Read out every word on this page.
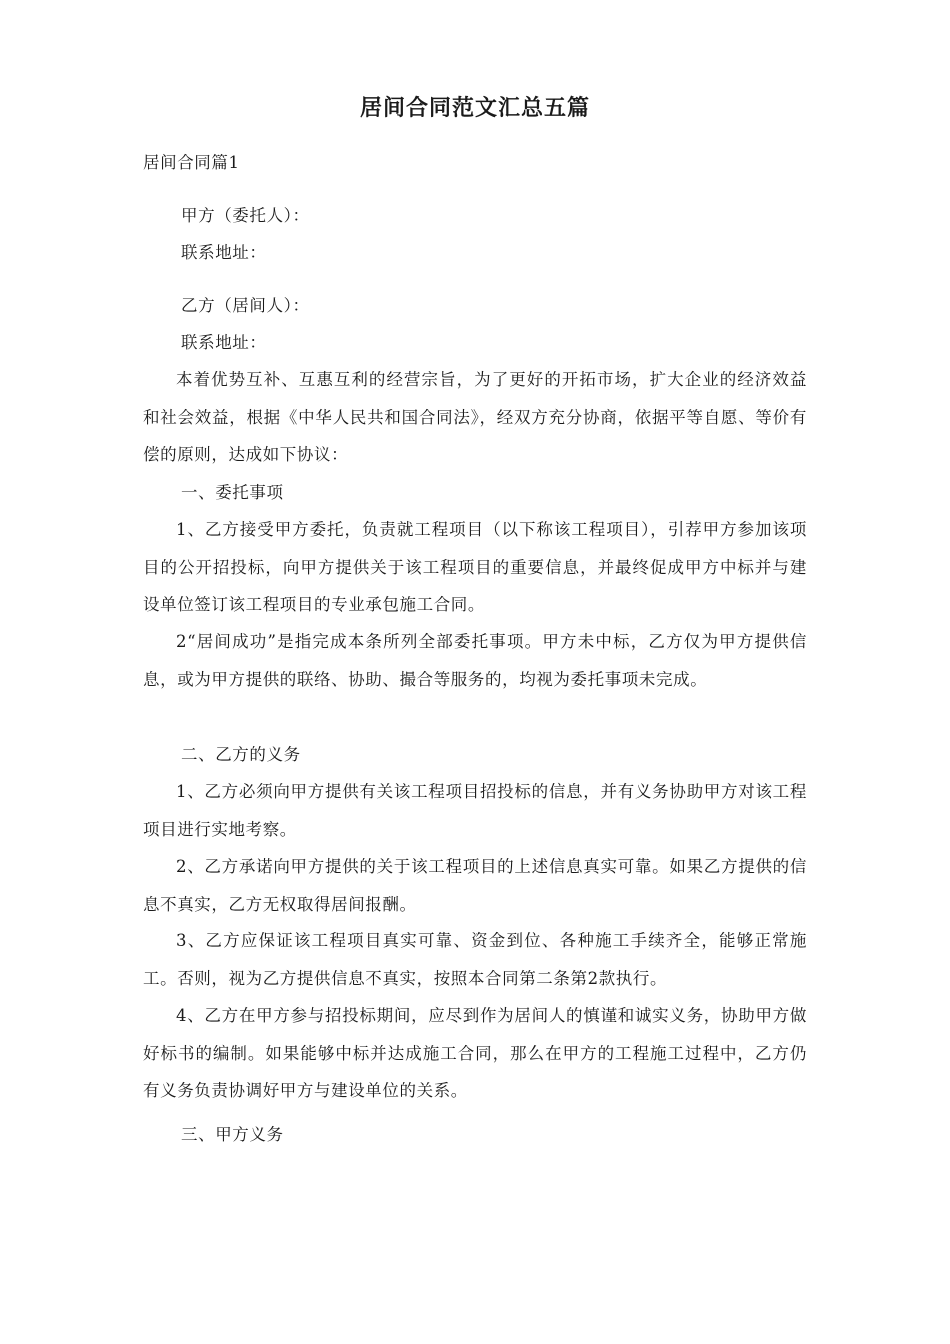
居间合同范文汇总五篇
居间合同篇1
甲方（委托人）：
联系地址：
乙方（居间人）：
联系地址：
本着优势互补、互惠互利的经营宗旨，为了更好的开拓市场，扩大企业的经济效益和社会效益，根据《中华人民共和国合同法》，经双方充分协商，依据平等自愿、等价有偿的原则，达成如下协议：
一、委托事项
1、乙方接受甲方委托，负责就工程项目（以下称该工程项目），引荐甲方参加该项目的公开招投标，向甲方提供关于该工程项目的重要信息，并最终促成甲方中标并与建设单位签订该工程项目的专业承包施工合同。
2“居间成功”是指完成本条所列全部委托事项。甲方未中标，乙方仅为甲方提供信息，或为甲方提供的联络、协助、撮合等服务的，均视为委托事项未完成。
二、乙方的义务
1、乙方必须向甲方提供有关该工程项目招投标的信息，并有义务协助甲方对该工程项目进行实地考察。
2、乙方承诺向甲方提供的关于该工程项目的上述信息真实可靠。如果乙方提供的信息不真实，乙方无权取得居间报酬。
3、乙方应保证该工程项目真实可靠、资金到位、各种施工手续齐全，能够正常施工。否则，视为乙方提供信息不真实，按照本合同第二条第2款执行。
4、乙方在甲方参与招投标期间，应尽到作为居间人的慎谨和诚实义务，协助甲方做好标书的编制。如果能够中标并达成施工合同，那么在甲方的工程施工过程中，乙方仍有义务负责协调好甲方与建设单位的关系。
三、甲方义务
